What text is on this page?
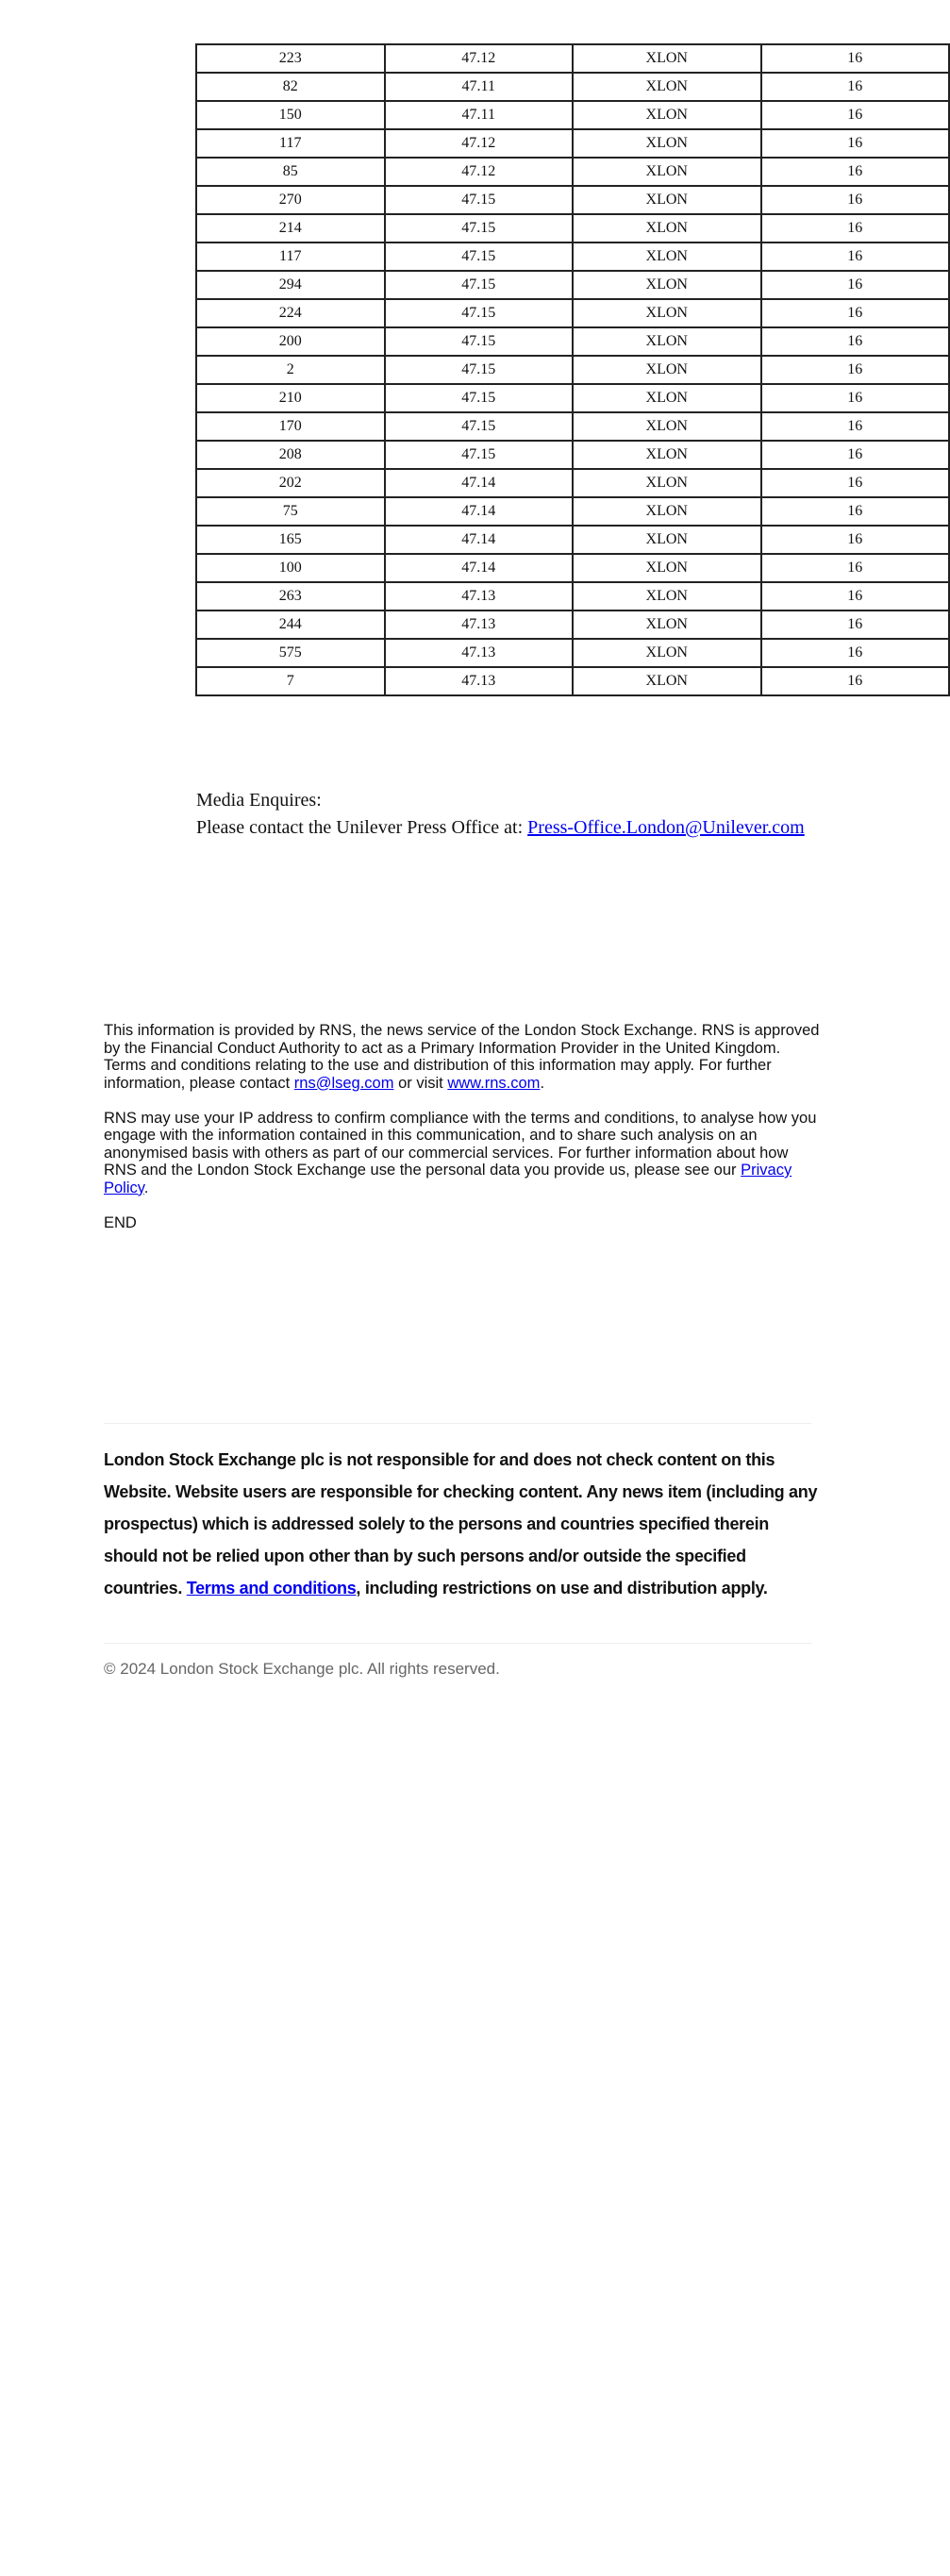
223	47.12	XLON	16
82	47.11	XLON	16
150	47.11	XLON	16
117	47.12	XLON	16
85	47.12	XLON	16
270	47.15	XLON	16
214	47.15	XLON	16
117	47.15	XLON	16
294	47.15	XLON	16
224	47.15	XLON	16
200	47.15	XLON	16
2	47.15	XLON	16
210	47.15	XLON	16
170	47.15	XLON	16
208	47.15	XLON	16
202	47.14	XLON	16
75	47.14	XLON	16
165	47.14	XLON	16
100	47.14	XLON	16
263	47.13	XLON	16
244	47.13	XLON	16
575	47.13	XLON	16
7	47.13	XLON	16
Media Enquires:
Please contact the Unilever Press Office at: Press-Office.London@Unilever.com

This information is provided by RNS, the news service of the London Stock Exchange. RNS is approved by the Financial Conduct Authority to act as a Primary Information Provider in the United Kingdom. Terms and conditions relating to the use and distribution of this information may apply. For further information, please contact rns@lseg.com or visit www.rns.com.

RNS may use your IP address to confirm compliance with the terms and conditions, to analyse how you engage with the information contained in this communication, and to share such analysis on an anonymised basis with others as part of our commercial services. For further information about how RNS and the London Stock Exchange use the personal data you provide us, please see our Privacy Policy.

END

London Stock Exchange plc is not responsible for and does not check content on this Website. Website users are responsible for checking content. Any news item (including any prospectus) which is addressed solely to the persons and countries specified therein should not be relied upon other than by such persons and/or outside the specified countries. Terms and conditions, including restrictions on use and distribution apply.

© 2024 London Stock Exchange plc. All rights reserved.
